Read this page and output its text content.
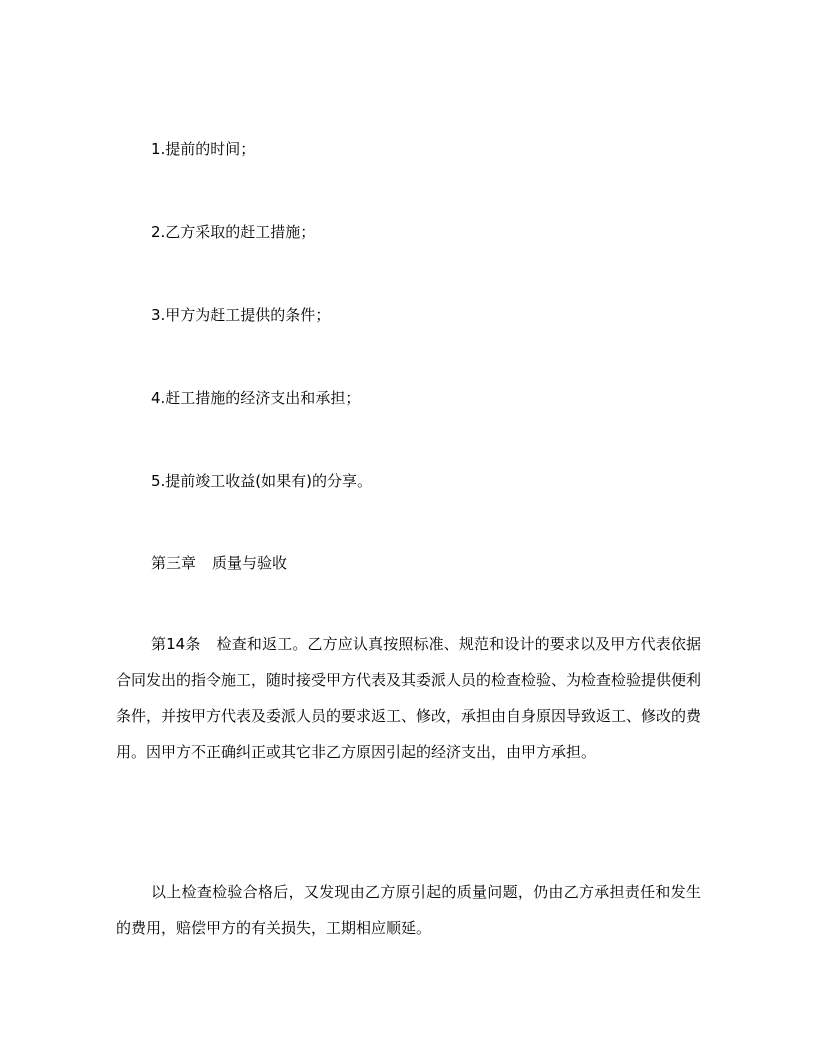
1.提前的时间；
2.乙方采取的赶工措施；
3.甲方为赶工提供的条件；
4.赶工措施的经济支出和承担；
5.提前竣工收益(如果有)的分享。
第三章 质量与验收
第14条 检查和返工。乙方应认真按照标准、规范和设计的要求以及甲方代表依据合同发出的指令施工，随时接受甲方代表及其委派人员的检查检验、为检查检验提供便利条件，并按甲方代表及委派人员的要求返工、修改，承担由自身原因导致返工、修改的费用。因甲方不正确纠正或其它非乙方原因引起的经济支出，由甲方承担。
以上检查检验合格后，又发现由乙方原引起的质量问题，仍由乙方承担责任和发生的费用，赔偿甲方的有关损失，工期相应顺延。
